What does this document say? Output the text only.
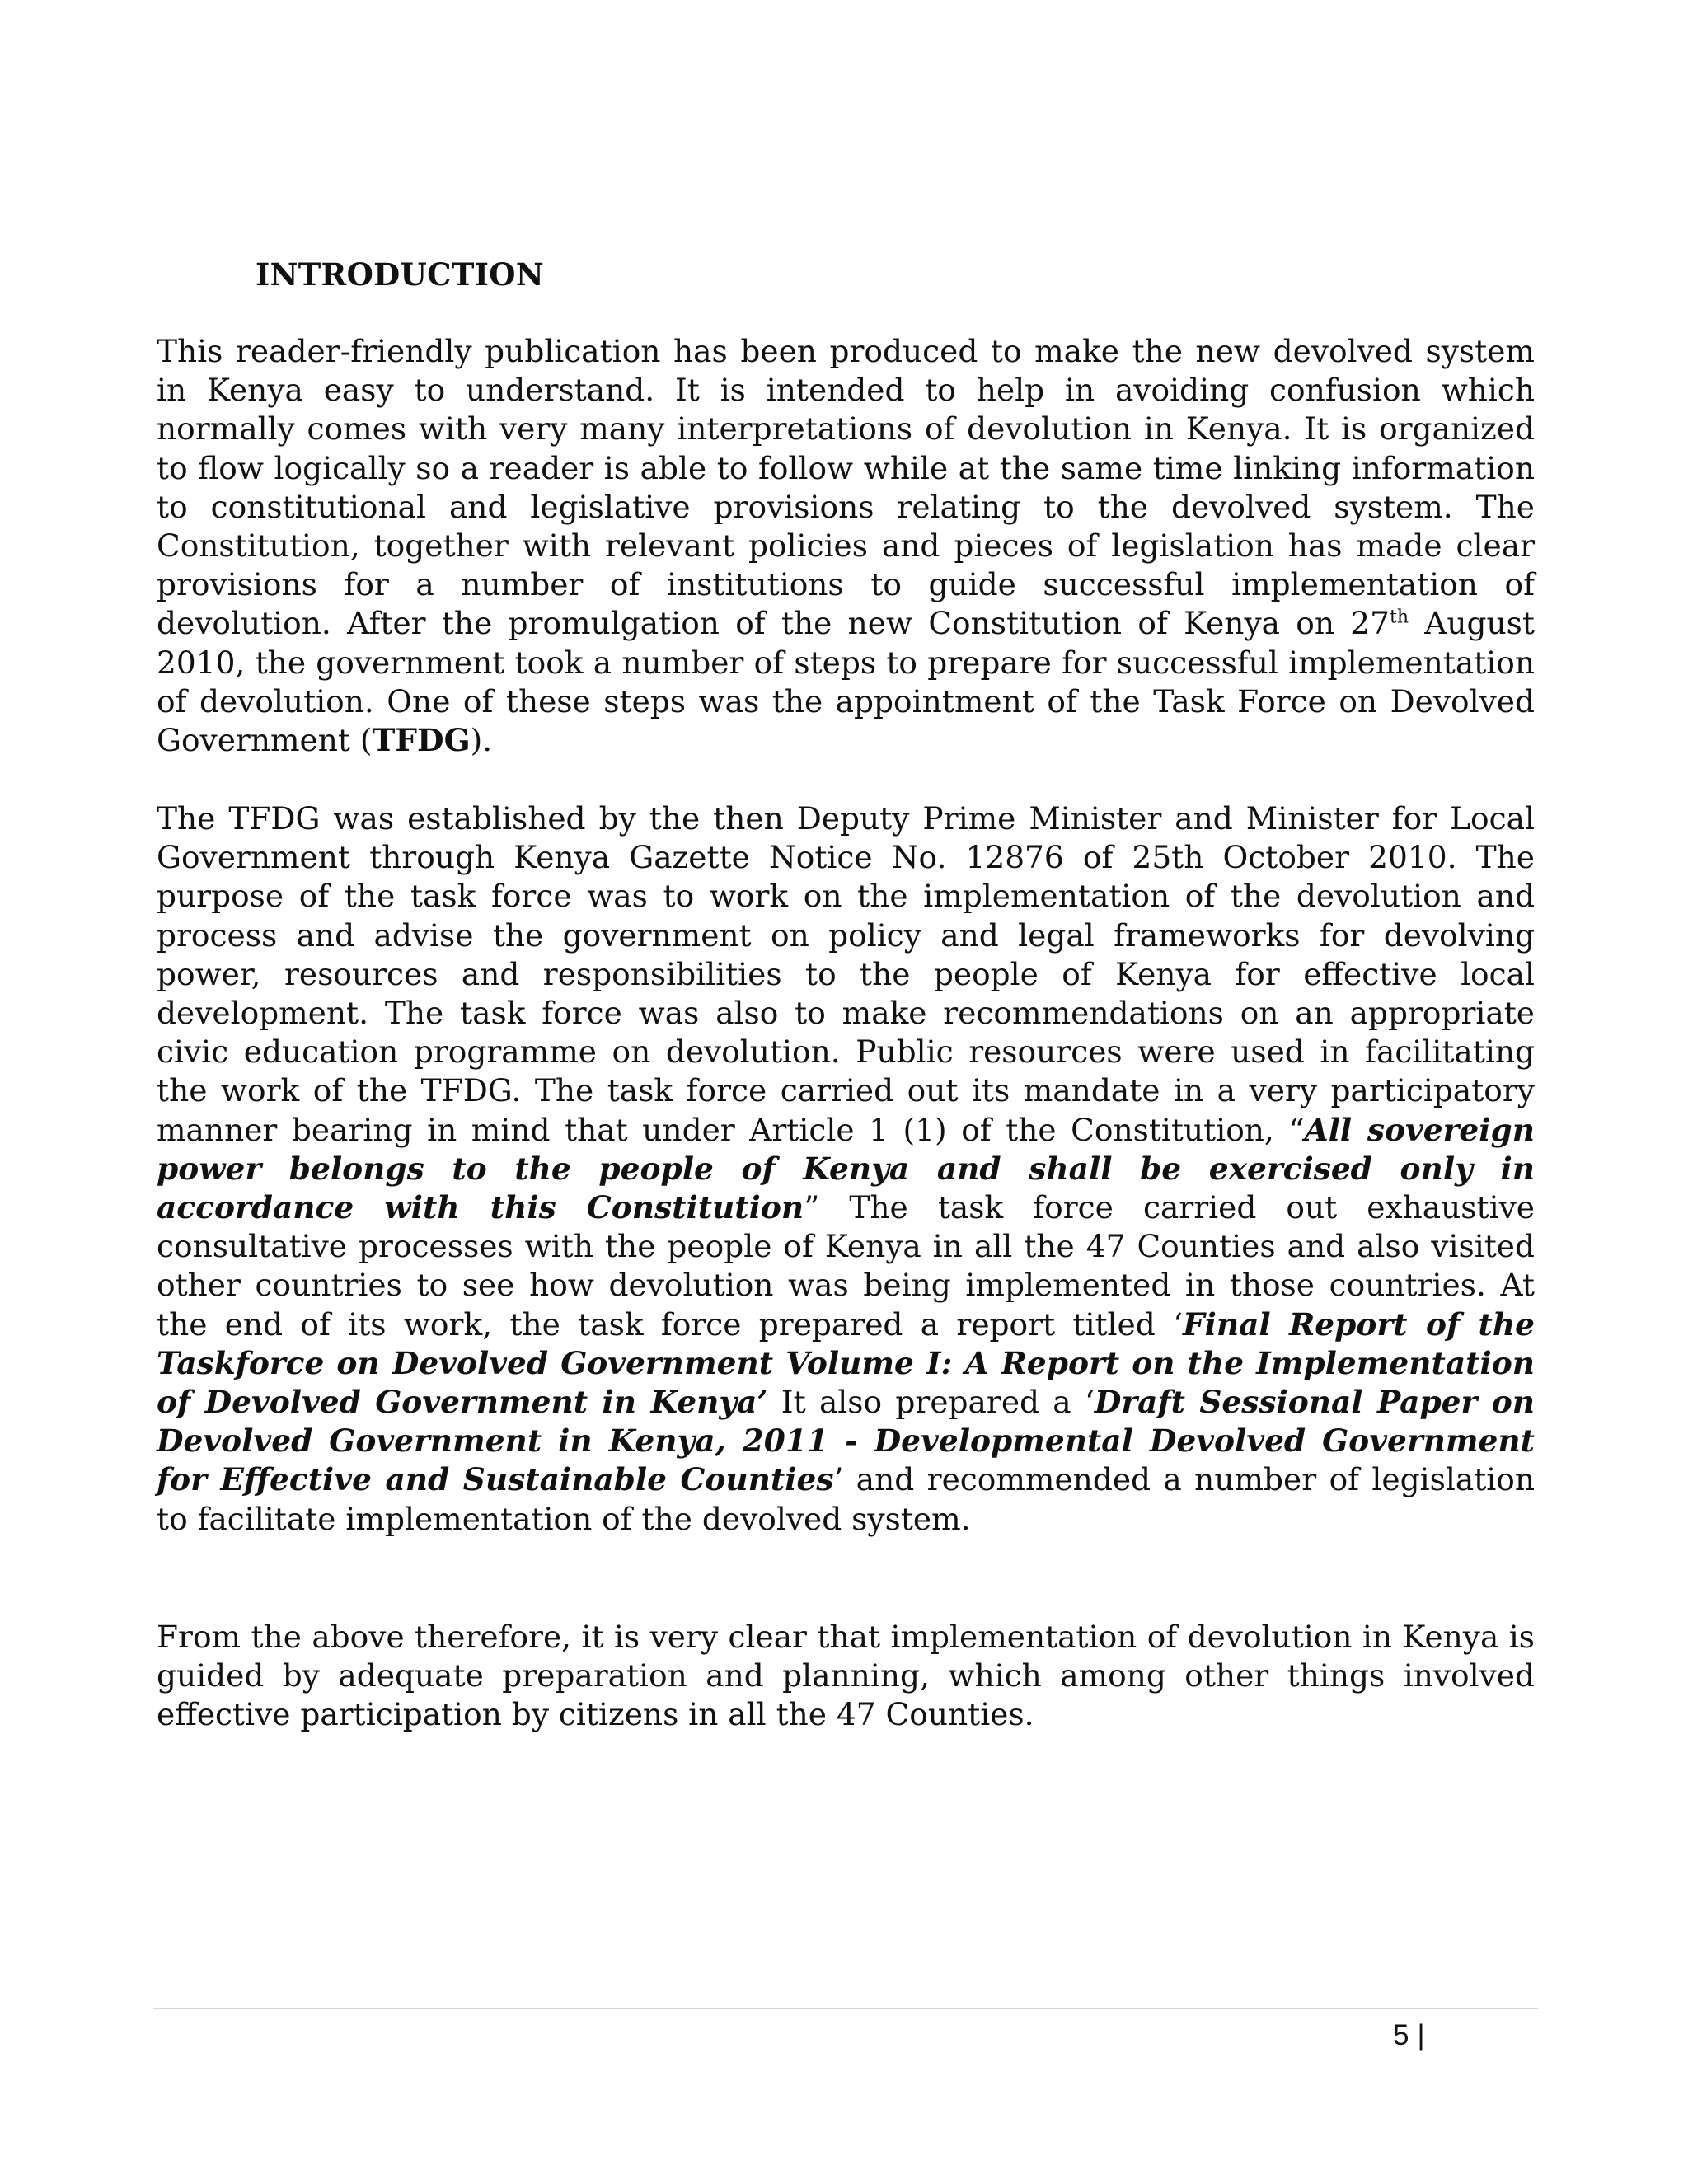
INTRODUCTION

This reader-friendly publication has been produced to make the new devolved system in Kenya easy to understand. It is intended to help in avoiding confusion which normally comes with very many interpretations of devolution in Kenya. It is organized to flow logically so a reader is able to follow while at the same time linking information to constitutional and legislative provisions relating to the devolved system. The Constitution, together with relevant policies and pieces of legislation has made clear provisions for a number of institutions to guide successful implementation of devolution. After the promulgation of the new Constitution of Kenya on 27th August 2010, the government took a number of steps to prepare for successful implementation of devolution. One of these steps was the appointment of the Task Force on Devolved Government (TFDG).

The TFDG was established by the then Deputy Prime Minister and Minister for Local Government through Kenya Gazette Notice No. 12876 of 25th October 2010. The purpose of the task force was to work on the implementation of the devolution and process and advise the government on policy and legal frameworks for devolving power, resources and responsibilities to the people of Kenya for effective local development. The task force was also to make recommendations on an appropriate civic education programme on devolution. Public resources were used in facilitating the work of the TFDG. The task force carried out its mandate in a very participatory manner bearing in mind that under Article 1 (1) of the Constitution, “All sovereign power belongs to the people of Kenya and shall be exercised only in accordance with this Constitution” The task force carried out exhaustive consultative processes with the people of Kenya in all the 47 Counties and also visited other countries to see how devolution was being implemented in those countries. At the end of its work, the task force prepared a report titled ‘Final Report of the Taskforce on Devolved Government Volume I: A Report on the Implementation of Devolved Government in Kenya’ It also prepared a ‘Draft Sessional Paper on Devolved Government in Kenya, 2011 - Developmental Devolved Government for Effective and Sustainable Counties’ and recommended a number of legislation to facilitate implementation of the devolved system.

From the above therefore, it is very clear that implementation of devolution in Kenya is guided by adequate preparation and planning, which among other things involved effective participation by citizens in all the 47 Counties.

5 |
